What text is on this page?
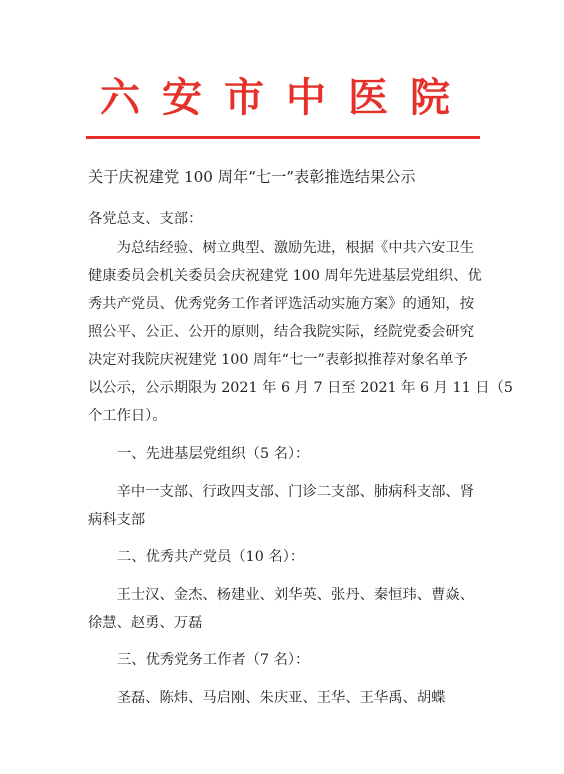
六安市中医院
关于庆祝建党 100 周年“七一”表彰推选结果公示
各党总支、支部：
　　为总结经验、树立典型、激励先进，根据《中共六安卫生
健康委员会机关委员会庆祝建党 100 周年先进基层党组织、优
秀共产党员、优秀党务工作者评选活动实施方案》的通知，按
照公平、公正、公开的原则，结合我院实际，经院党委会研究
决定对我院庆祝建党 100 周年“七一”表彰拟推荐对象名单予
以公示，公示期限为 2021 年 6 月 7 日至 2021 年 6 月 11 日（5
个工作日）。
一、先进基层党组织（5 名）：
　　辛中一支部、行政四支部、门诊二支部、肺病科支部、肾
病科支部
二、优秀共产党员（10 名）：
　　王士汉、金杰、杨建业、刘华英、张丹、秦恒玮、曹焱、
徐慧、赵勇、万磊
三、优秀党务工作者（7 名）：
　　圣磊、陈炜、马启刚、朱庆亚、王华、王华禹、胡蝶
